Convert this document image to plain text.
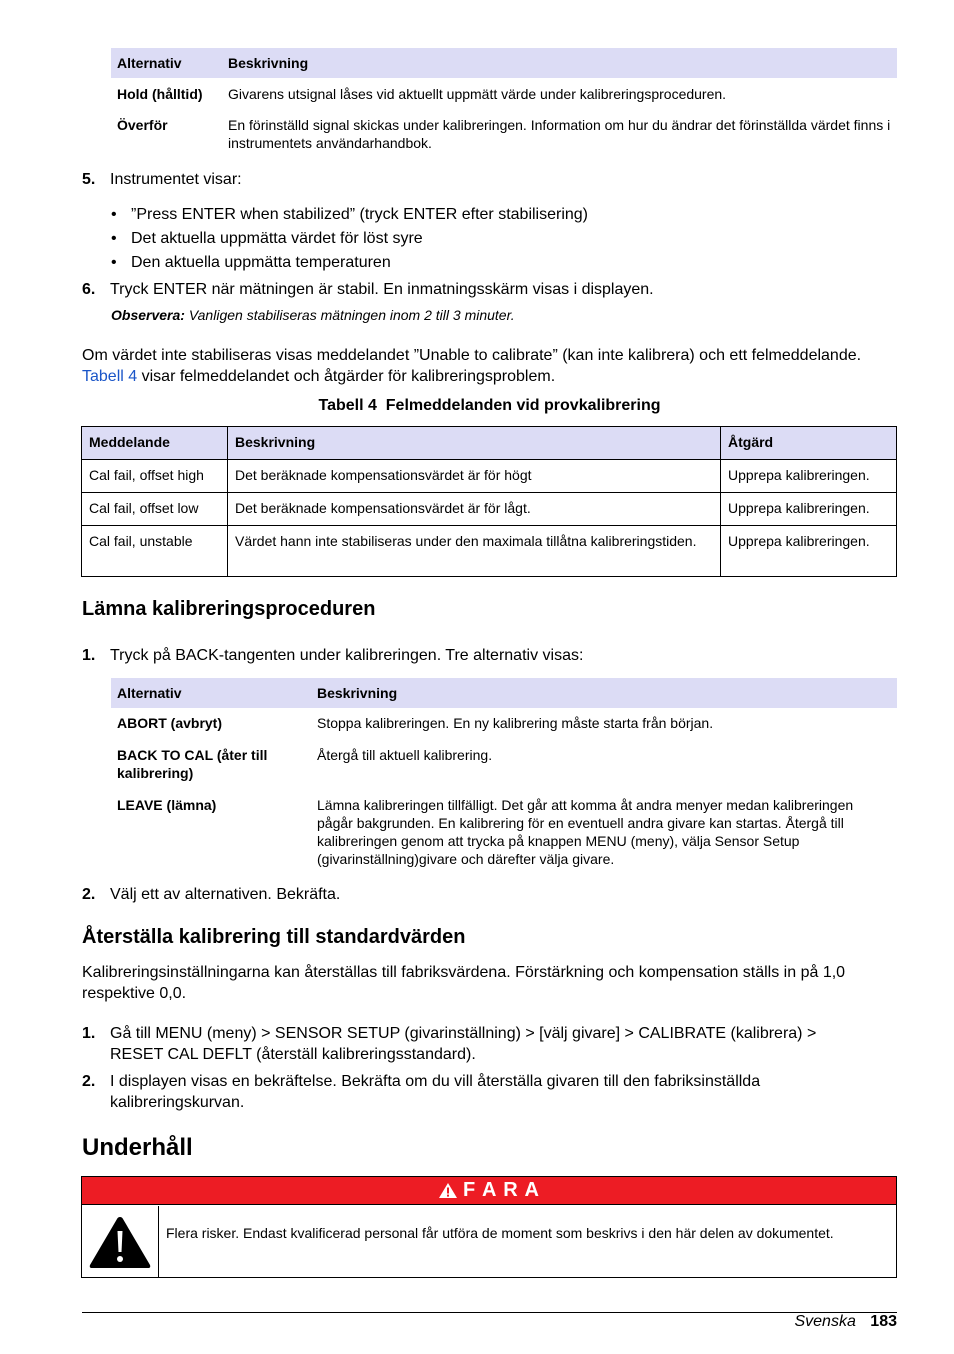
Alternativ	Beskrivning
Hold (hålltid)	Givarens utsignal låses vid aktuellt uppmätt värde under kalibreringsproceduren.
Överför	En förinställd signal skickas under kalibreringen. Information om hur du ändrar det förinställda värdet finns i instrumentets användarhandbok.
5. Instrumentet visar:
• ”Press ENTER when stabilized” (tryck ENTER efter stabilisering)
• Det aktuella uppmätta värdet för löst syre
• Den aktuella uppmätta temperaturen
6. Tryck ENTER när mätningen är stabil. En inmatningsskärm visas i displayen.
Observera: Vanligen stabiliseras mätningen inom 2 till 3 minuter.
Om värdet inte stabiliseras visas meddelandet ”Unable to calibrate” (kan inte kalibrera) och ett felmeddelande. Tabell 4 visar felmeddelandet och åtgärder för kalibreringsproblem.
Tabell 4  Felmeddelanden vid provkalibrering
Meddelande	Beskrivning	Åtgärd
Cal fail, offset high	Det beräknade kompensationsvärdet är för högt	Upprepa kalibreringen.
Cal fail, offset low	Det beräknade kompensationsvärdet är för lågt.	Upprepa kalibreringen.
Cal fail, unstable	Värdet hann inte stabiliseras under den maximala tillåtna kalibreringstiden.	Upprepa kalibreringen.
Lämna kalibreringsproceduren
1. Tryck på BACK-tangenten under kalibreringen. Tre alternativ visas:
Alternativ	Beskrivning
ABORT (avbryt)	Stoppa kalibreringen. En ny kalibrering måste starta från början.
BACK TO CAL (åter till kalibrering)	Återgå till aktuell kalibrering.
LEAVE (lämna)	Lämna kalibreringen tillfälligt. Det går att komma åt andra menyer medan kalibreringen pågår bakgrunden. En kalibrering för en eventuell andra givare kan startas. Återgå till kalibreringen genom att trycka på knappen MENU (meny), välja Sensor Setup (givarinställning)givare och därefter välja givare.
2. Välj ett av alternativen. Bekräfta.
Återställa kalibrering till standardvärden
Kalibreringsinställningarna kan återställas till fabriksvärdena. Förstärkning och kompensation ställs in på 1,0 respektive 0,0.
1. Gå till MENU (meny) > SENSOR SETUP (givarinställning) > [välj givare] > CALIBRATE (kalibrera) > RESET CAL DEFLT (återställ kalibreringsstandard).
2. I displayen visas en bekräftelse. Bekräfta om du vill återställa givaren till den fabriksinställda kalibreringskurvan.
Underhåll
F A R A
Flera risker. Endast kvalificerad personal får utföra de moment som beskrivs i den här delen av dokumentet.
Svenska 183
